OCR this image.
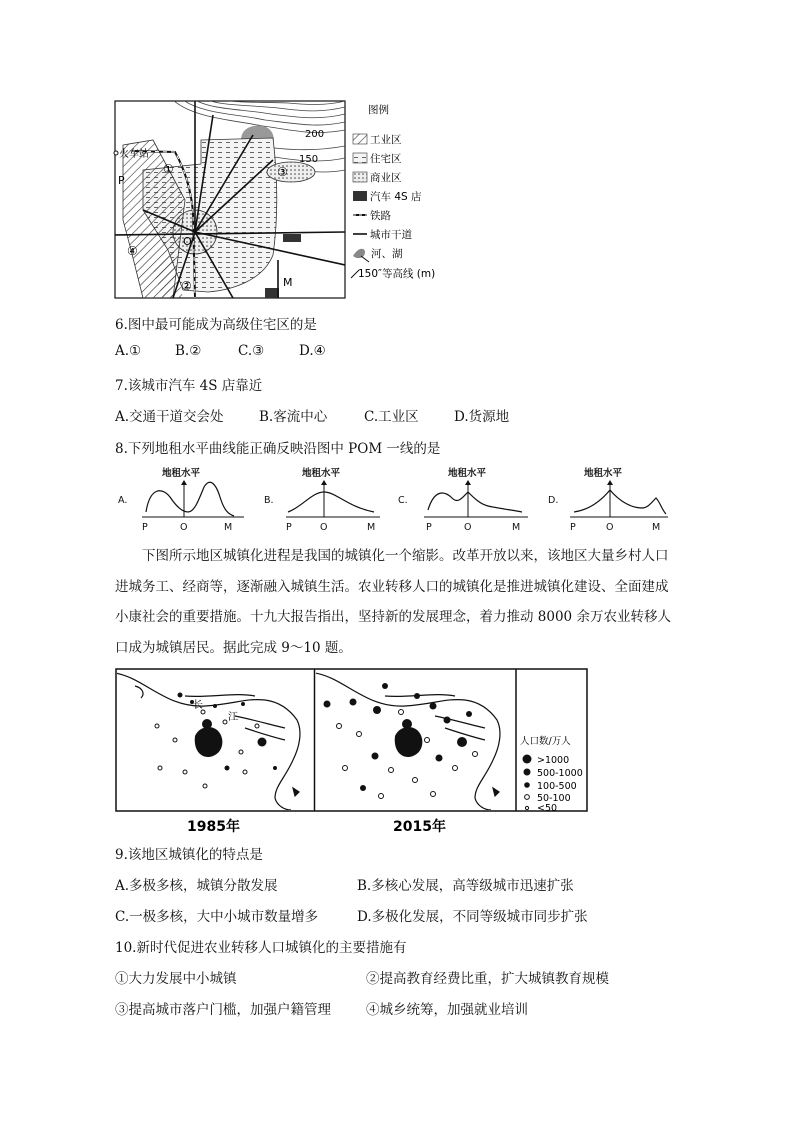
火车站
200
150
P
O
M
①
②
③
④
图例
工业区
住宅区
商业区
汽车 4S 店
铁路
城市干道
河、湖
150″等高线 (m)
6.图中最可能成为高级住宅区的是
A.①	B.②	C.③	D.④
7.该城市汽车 4S 店靠近
A.交通干道交会处	B.客流中心	C.工业区	D.货源地
8.下列地租水平曲线能正确反映沿图中 POM 一线的是
A.
地租水平
P	O	M
B.
地租水平
P	O	M
C.
地租水平
P	O	M
D.
地租水平
P	O	M

下图所示地区城镇化进程是我国的城镇化一个缩影。改革开放以来，该地区大量乡村人口进城务工、经商等，逐渐融入城镇生活。农业转移人口的城镇化是推进城镇化建设、全面建成小康社会的重要措施。十九大报告指出，坚持新的发展理念，着力推动 8000 余万农业转移人口成为城镇居民。据此完成 9～10 题。

长
江
人口数/万人
>1000
500-1000
100-500
50-100
<50
1985年	2015年
9.该地区城镇化的特点是
A.多极多核，城镇分散发展	B.多核心发展，高等级城市迅速扩张
C.一极多核，大中小城市数量增多	D.多极化发展，不同等级城市同步扩张
10.新时代促进农业转移人口城镇化的主要措施有
①大力发展中小城镇	②提高教育经费比重，扩大城镇教育规模
③提高城市落户门槛，加强户籍管理	④城乡统筹，加强就业培训
